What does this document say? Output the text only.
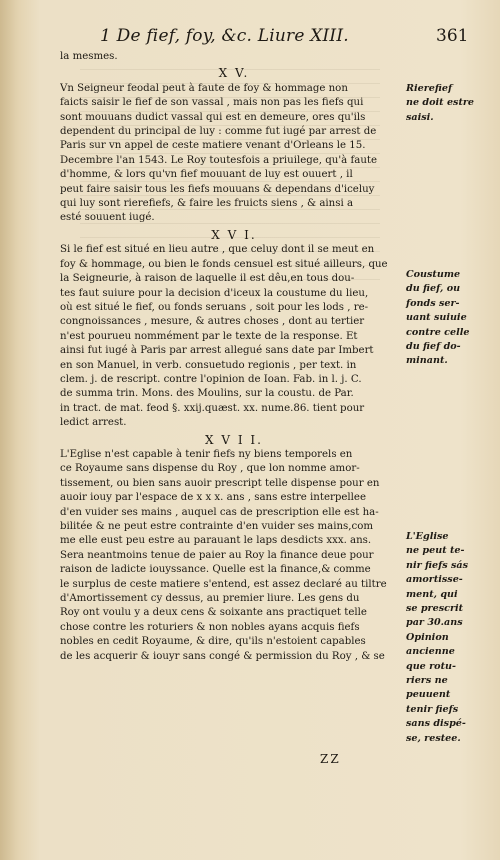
1 De fief, foy, &c. Liure XIII.	361
la mesmes.
X V.
Vn Seigneur feodal peut à faute de foy & hommage non
faicts saisir le fief de son vassal , mais non pas les fiefs qui
sont mouuans dudict vassal qui est en demeure, ores qu'ils
dependent du principal de luy : comme fut iugé par arrest de
Paris sur vn appel de ceste matiere venant d'Orleans le 15.
Decembre l'an 1543. Le Roy toutesfois a priuilege, qu'à faute
d'homme, & lors qu'vn fief mouuant de luy est ouuert , il
peut faire saisir tous les fiefs mouuans & dependans d'iceluy
qui luy sont rierefiefs, & faire les fruicts siens , & ainsi a
esté souuent iugé.
X V I.
Si le fief est situé en lieu autre , que celuy dont il se meut en
foy & hommage, ou bien le fonds censuel est situé ailleurs, que
la Seigneurie, à raison de laquelle il est dêu,en tous dou-
tes faut suiure pour la decision d'iceux la coustume du lieu,
où est situé le fief, ou fonds seruans , soit pour les lods , re-
congnoissances , mesure, & autres choses , dont au tertier
n'est pourueu nommément par le texte de la response. Et
ainsi fut iugé à Paris par arrest allegué sans date par Imbert
en son Manuel, in verb. consuetudo regionis , per text. in
clem. j. de rescript. contre l'opinion de Ioan. Fab. in l. j. C.
de summa trin. Mons. des Moulins, sur la coustu. de Par.
in tract. de mat. feod §. xxij.quæst. xx. nume.86. tient pour
ledict arrest.
X V I I.
L'Eglise n'est capable à tenir fiefs ny biens temporels en
ce Royaume sans dispense du Roy , que lon nomme amor-
tissement, ou bien sans auoir prescript telle dispense pour en
auoir iouy par l'espace de x x x. ans , sans estre interpellee
d'en vuider ses mains , auquel cas de prescription elle est ha-
bilitée & ne peut estre contrainte d'en vuider ses mains,com
me elle eust peu estre au parauant le laps desdicts xxx. ans.
Sera neantmoins tenue de paier au Roy la finance deue pour
raison de ladicte iouyssance. Quelle est la finance,& comme
le surplus de ceste matiere s'entend, est assez declaré au tiltre
d'Amortissement cy dessus, au premier liure. Les gens du
Roy ont voulu y a deux cens & soixante ans practiquet telle
chose contre les roturiers & non nobles ayans acquis fiefs
nobles en cedit Royaume, & dire, qu'ils n'estoient capables
de les acquerir & iouyr sans congé & permission du Roy , & se
Rierefief
ne doit estre
saisi.
Coustume
du fief, ou
fonds ser-
uant suiuie
contre celle
du fief do-
minant.
L'Eglise
ne peut te-
nir fiefs sás
amortisse-
ment, qui
se prescrit
par 30.ans
Opinion
ancienne
que rotu-
riers ne
peuuent
tenir fiefs
sans dispé-
se, restee.
ZZ
